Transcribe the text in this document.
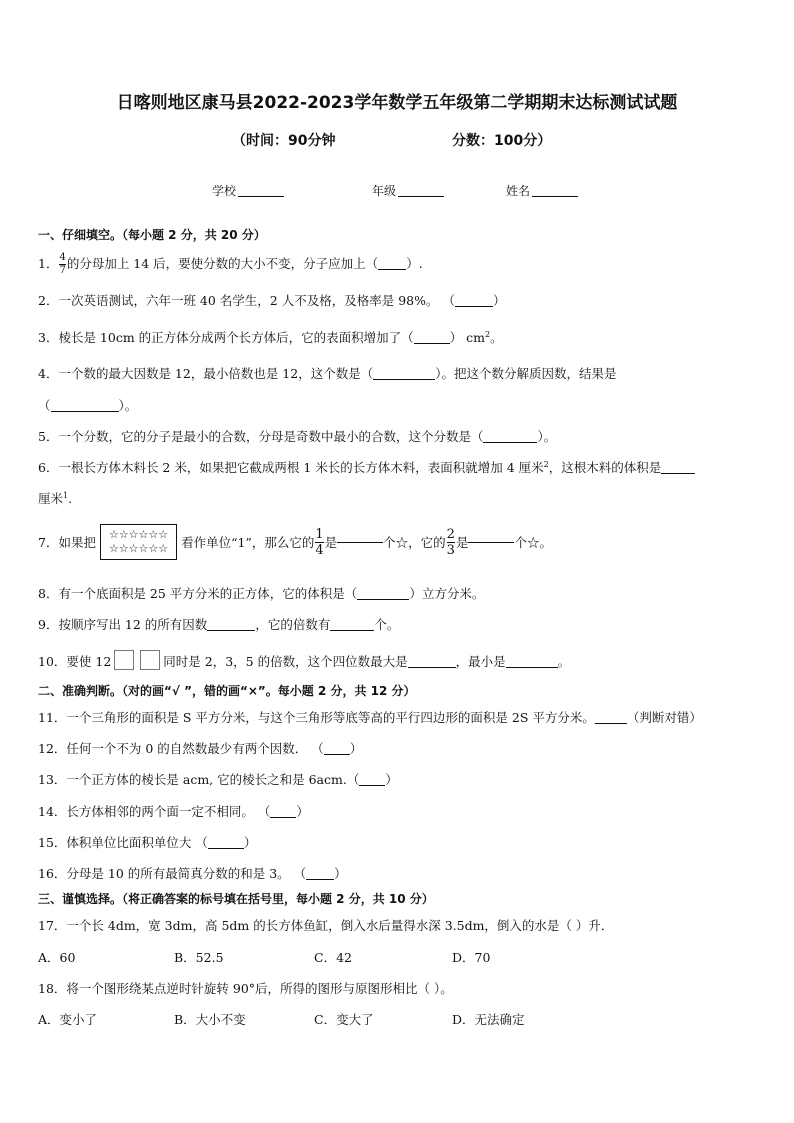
日喀则地区康马县2022-2023学年数学五年级第二学期期末达标测试试题
（时间：90分钟	分数：100分）
学校	年级	姓名
一、仔细填空。（每小题 2 分，共 20 分）
1． $\frac{4}{7}$ 的分母加上 14 后，要使分数的大小不变，分子应加上（ ）.
2．一次英语测试，六年一班 40 名学生，2 人不及格，及格率是 98%。 （	）
3．棱长是 10cm 的正方体分成两个长方体后，它的表面积增加了（	） $cm^2$。
4．一个数的最大因数是 12，最小倍数也是 12，这个数是（	）。把这个数分解质因数，结果是
（	）。
5．一个分数，它的分子是最小的合数，分母是奇数中最小的合数，这个分数是（	）。
6．一根长方体木料长 2 米，如果把它截成两根 1 米长的长方体木料，表面积就增加 4 厘米$^2$，这根木料的体积是
厘米$^1$.
7．如果把
☆☆☆☆☆☆
☆☆☆☆☆☆ 看作单位“1”，那么它的 $\frac{1}{4}$ 是	个☆，它的 $\frac{2}{3}$ 是	个☆。
8．有一个底面积是 25 平方分米的正方体，它的体积是（	）立方分米。
9．按顺序写出 12 的所有因数	，它的倍数有	个。
10．要使 12	同时是 2，3，5 的倍数，这个四位数最大是	，最小是	。
二、准确判断。（对的画“√ ”，错的画“×”。每小题 2 分，共 12 分）
11．一个三角形的面积是 S 平方分米，与这个三角形等底等高的平行四边形的面积是 2S 平方分米。	（判断对错）
12．任何一个不为 0 的自然数最少有两个因数． （ ）
13．一个正方体的棱长是 acm, 它的棱长之和是 6acm.（ ）
14．长方体相邻的两个面一定不相同。 （ ）
15．体积单位比面积单位大 （	）
16．分母是 10 的所有最简真分数的和是 3。 （ ）
三、谨慎选择。（将正确答案的标号填在括号里，每小题 2 分，共 10 分）
17．一个长 4dm，宽 3dm，高 5dm 的长方体鱼缸，倒入水后量得水深 3.5dm，倒入的水是（ ）升．
A．60	B．52.5	C．42	D．70
18．将一个图形绕某点逆时针旋转 90°后，所得的图形与原图形相比（ ）。
A．变小了	B．大小不变	C．变大了	D．无法确定
